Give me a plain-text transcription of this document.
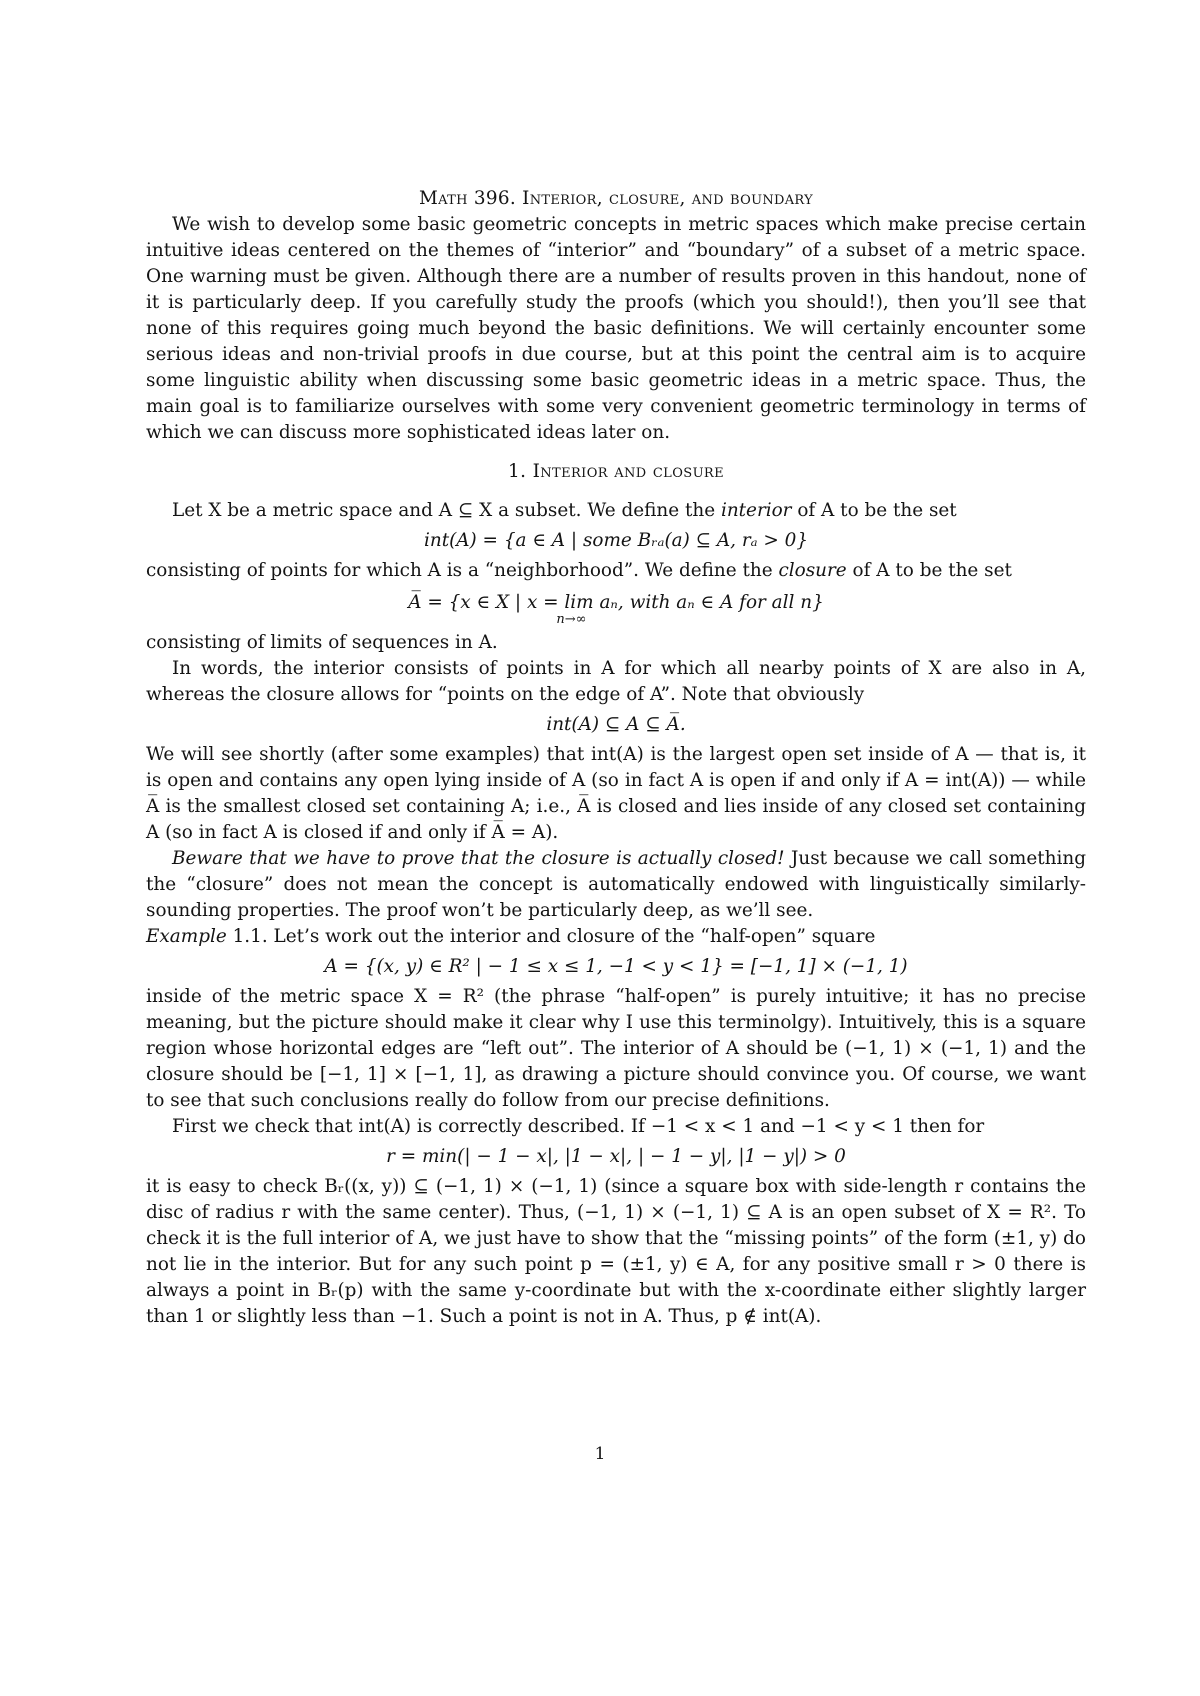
Math 396. Interior, closure, and boundary

We wish to develop some basic geometric concepts in metric spaces which make precise certain intuitive ideas centered on the themes of “interior” and “boundary” of a subset of a metric space. One warning must be given. Although there are a number of results proven in this handout, none of it is particularly deep. If you carefully study the proofs (which you should!), then you’ll see that none of this requires going much beyond the basic definitions. We will certainly encounter some serious ideas and non-trivial proofs in due course, but at this point the central aim is to acquire some linguistic ability when discussing some basic geometric ideas in a metric space. Thus, the main goal is to familiarize ourselves with some very convenient geometric terminology in terms of which we can discuss more sophisticated ideas later on.

1. Interior and closure

Let X be a metric space and A ⊆ X a subset. We define the interior of A to be the set

int(A) = {a ∈ A | some Bᵣₐ(a) ⊆ A, rₐ > 0}

consisting of points for which A is a “neighborhood”. We define the closure of A to be the set

A̅ = {x ∈ X | x = lim
n→∞
aₙ, with aₙ ∈ A for all n}

consisting of limits of sequences in A.

In words, the interior consists of points in A for which all nearby points of X are also in A, whereas the closure allows for “points on the edge of A”. Note that obviously

int(A) ⊆ A ⊆ A̅.

We will see shortly (after some examples) that int(A) is the largest open set inside of A — that is, it is open and contains any open lying inside of A (so in fact A is open if and only if A = int(A)) — while A̅ is the smallest closed set containing A; i.e., A̅ is closed and lies inside of any closed set containing A (so in fact A is closed if and only if A̅ = A).

Beware that we have to prove that the closure is actually closed! Just because we call something the “closure” does not mean the concept is automatically endowed with linguistically similarly-sounding properties. The proof won’t be particularly deep, as we’ll see.

Example 1.1. Let’s work out the interior and closure of the “half-open” square

A = {(x, y) ∈ R² | − 1 ≤ x ≤ 1, −1 < y < 1} = [−1, 1] × (−1, 1)

inside of the metric space X = R² (the phrase “half-open” is purely intuitive; it has no precise meaning, but the picture should make it clear why I use this terminolgy). Intuitively, this is a square region whose horizontal edges are “left out”. The interior of A should be (−1, 1) × (−1, 1) and the closure should be [−1, 1] × [−1, 1], as drawing a picture should convince you. Of course, we want to see that such conclusions really do follow from our precise definitions.

First we check that int(A) is correctly described. If −1 < x < 1 and −1 < y < 1 then for

r = min(| − 1 − x|, |1 − x|, | − 1 − y|, |1 − y|) > 0

it is easy to check Bᵣ((x, y)) ⊆ (−1, 1) × (−1, 1) (since a square box with side-length r contains the disc of radius r with the same center). Thus, (−1, 1) × (−1, 1) ⊆ A is an open subset of X = R². To check it is the full interior of A, we just have to show that the “missing points” of the form (±1, y) do not lie in the interior. But for any such point p = (±1, y) ∈ A, for any positive small r > 0 there is always a point in Bᵣ(p) with the same y-coordinate but with the x-coordinate either slightly larger than 1 or slightly less than −1. Such a point is not in A. Thus, p ∉ int(A).

1
